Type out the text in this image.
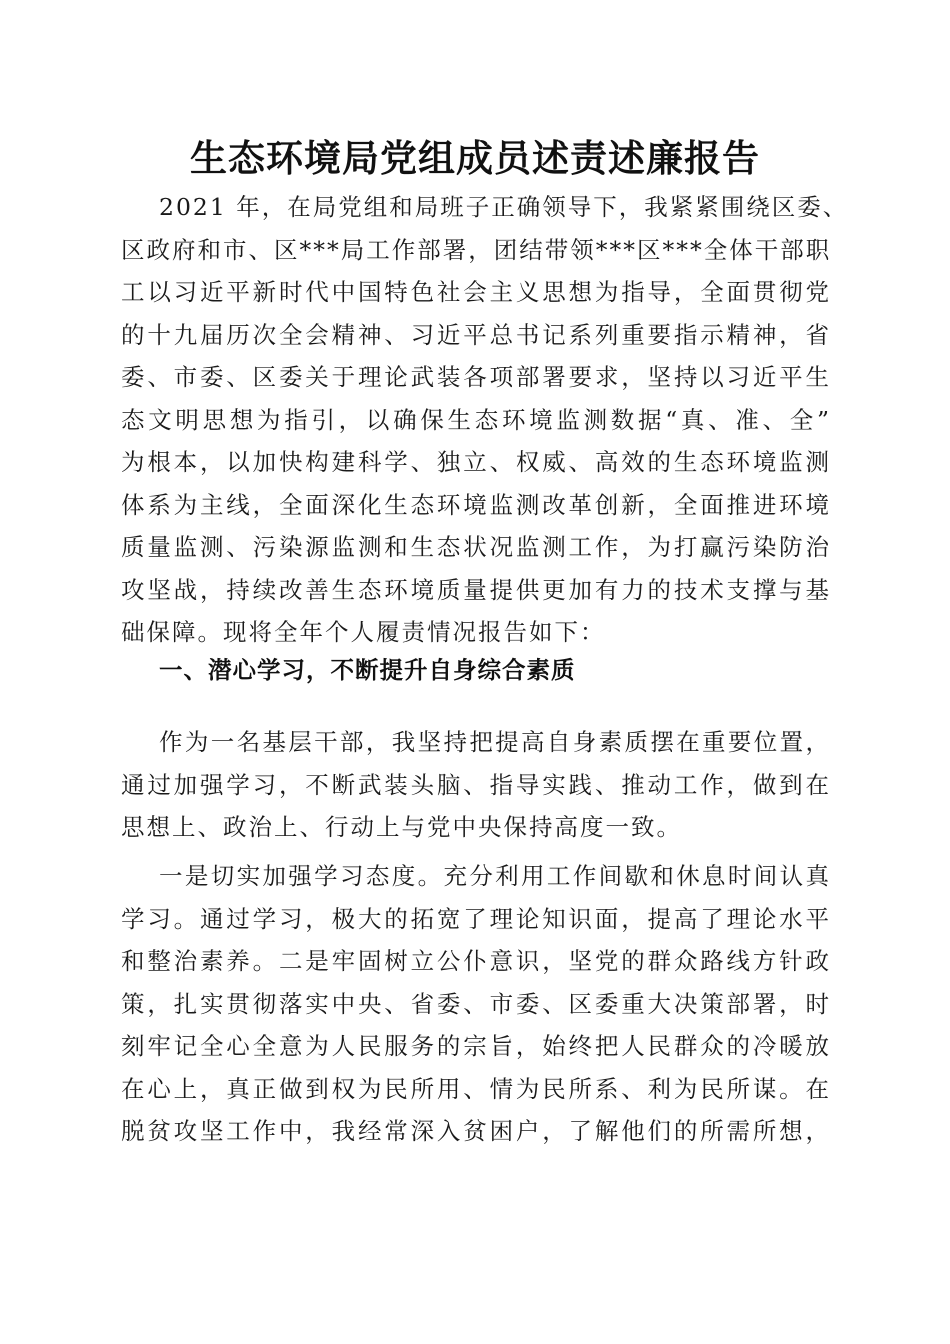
生态环境局党组成员述责述廉报告
2021 年，在局党组和局班子正确领导下，我紧紧围绕区委、
区政府和市、区***局工作部署，团结带领***区***全体干部职
工以习近平新时代中国特色社会主义思想为指导，全面贯彻党
的十九届历次全会精神、习近平总书记系列重要指示精神，省
委、市委、区委关于理论武装各项部署要求，坚持以习近平生
态文明思想为指引，以确保生态环境监测数据“真、准、全”
为根本，以加快构建科学、独立、权威、高效的生态环境监测
体系为主线，全面深化生态环境监测改革创新，全面推进环境
质量监测、污染源监测和生态状况监测工作，为打赢污染防治
攻坚战，持续改善生态环境质量提供更加有力的技术支撑与基
础保障。现将全年个人履责情况报告如下：
一、潜心学习，不断提升自身综合素质
作为一名基层干部，我坚持把提高自身素质摆在重要位置，
通过加强学习，不断武装头脑、指导实践、推动工作，做到在
思想上、政治上、行动上与党中央保持高度一致。
一是切实加强学习态度。充分利用工作间歇和休息时间认真
学习。通过学习，极大的拓宽了理论知识面，提高了理论水平
和整治素养。二是牢固树立公仆意识，坚党的群众路线方针政
策，扎实贯彻落实中央、省委、市委、区委重大决策部署，时
刻牢记全心全意为人民服务的宗旨，始终把人民群众的冷暖放
在心上，真正做到权为民所用、情为民所系、利为民所谋。在
脱贫攻坚工作中，我经常深入贫困户，了解他们的所需所想，
